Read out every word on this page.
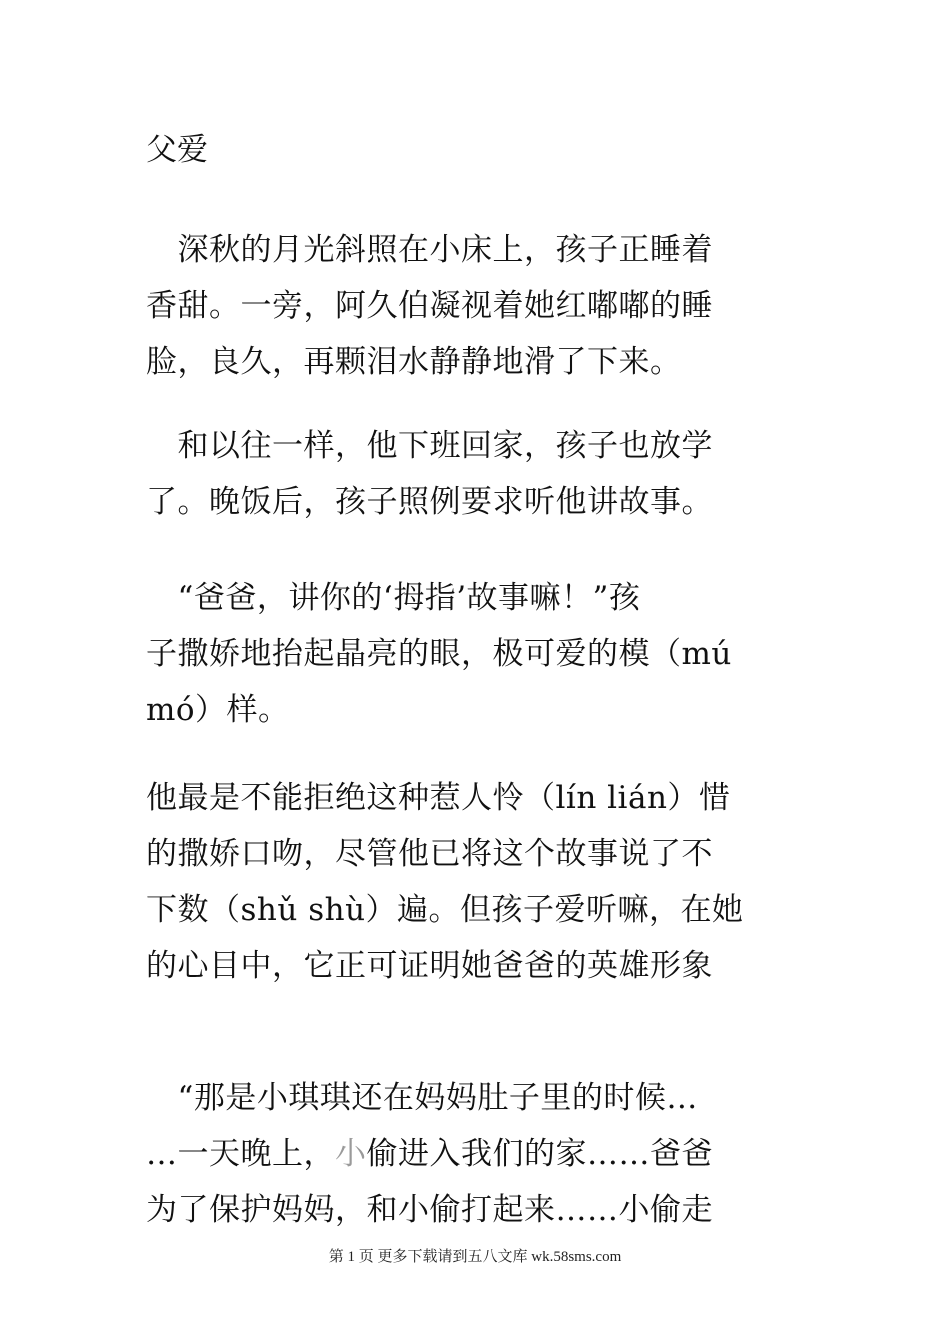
父爱

　深秋的月光斜照在小床上，孩子正睡着
香甜。一旁，阿久伯凝视着她红嘟嘟的睡
脸，良久，再颗泪水静静地滑了下来。

　和以往一样，他下班回家，孩子也放学
了。晚饭后，孩子照例要求听他讲故事。

　“爸爸，讲你的‘拇指’故事嘛！”孩
子撒娇地抬起晶亮的眼，极可爱的模（mú
mó）样。

他最是不能拒绝这种惹人怜（lín lián）惜
的撒娇口吻，尽管他已将这个故事说了不
下数（shǔ shù）遍。但孩子爱听嘛，在她
的心目中，它正可证明她爸爸的英雄形象

　“那是小琪琪还在妈妈肚子里的时候…
…一天晚上，小偷进入我们的家……爸爸
为了保护妈妈，和小偷打起来……小偷走

第 1 页 更多下载请到五八文库 wk.58sms.com
